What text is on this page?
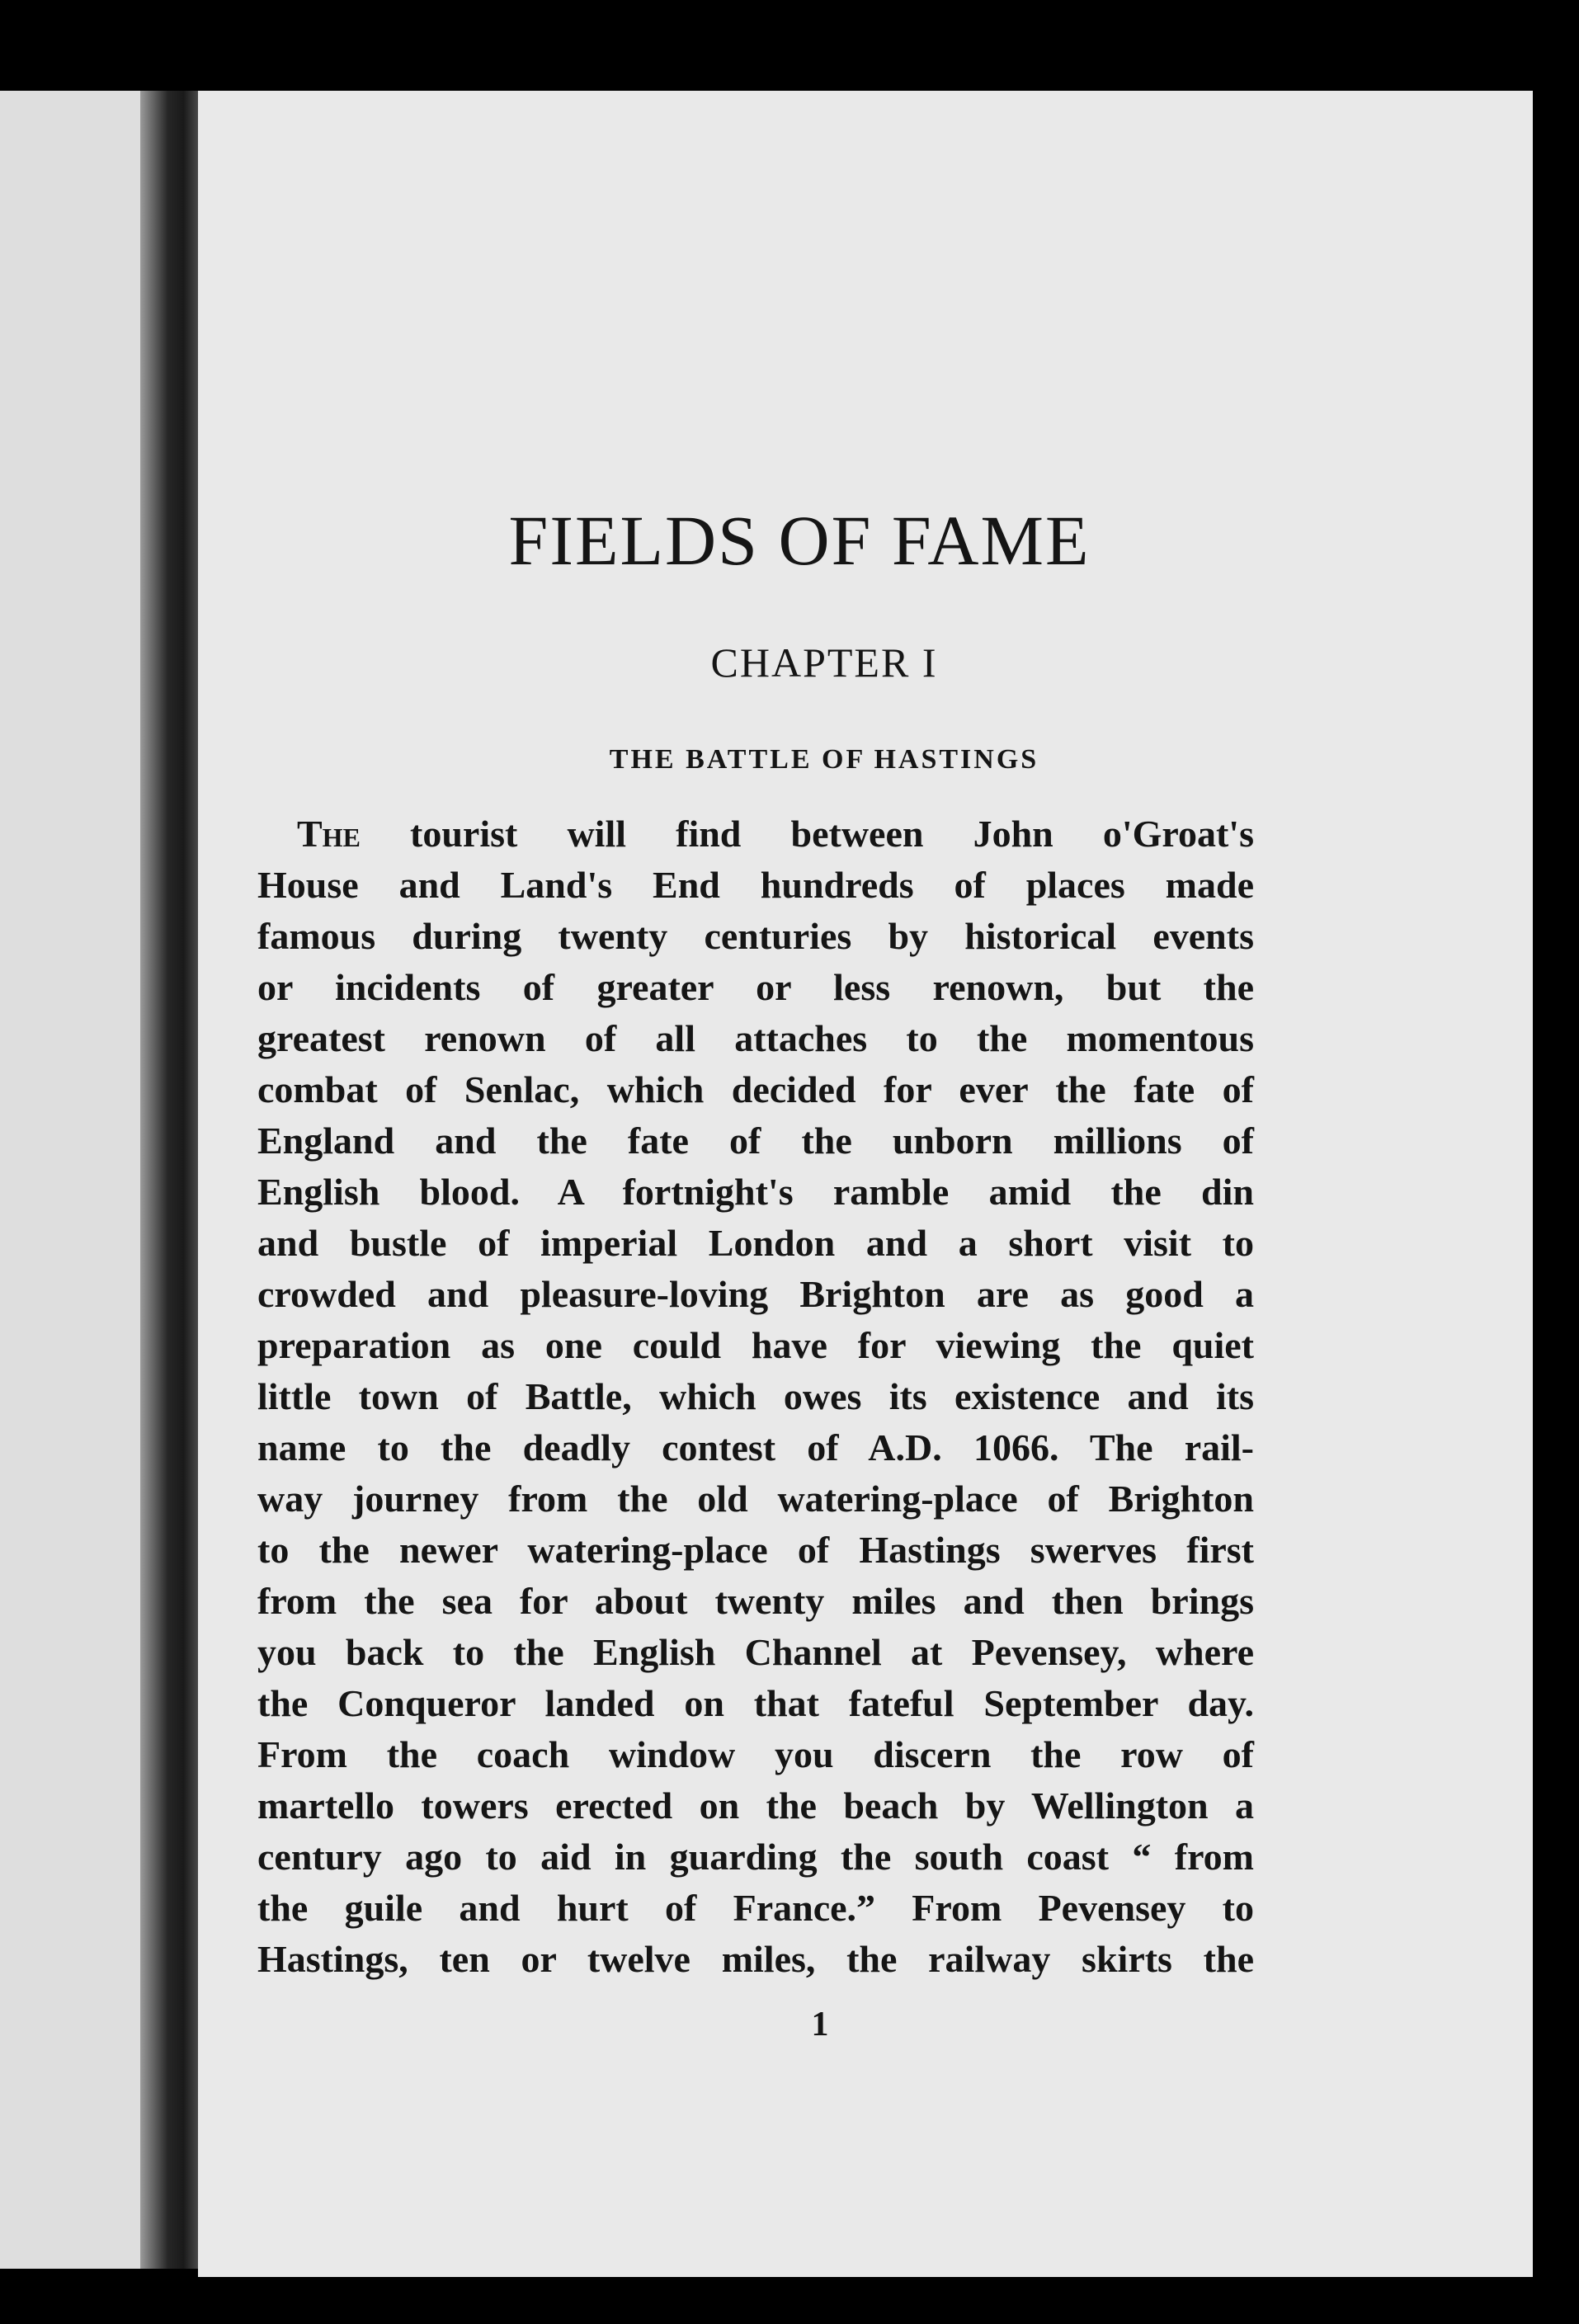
FIELDS OF FAME
CHAPTER I
THE BATTLE OF HASTINGS
The tourist will find between John o'Groat's
House and Land's End hundreds of places made
famous during twenty centuries by historical events
or incidents of greater or less renown, but the
greatest renown of all attaches to the momentous
combat of Senlac, which decided for ever the fate of
England and the fate of the unborn millions of
English blood. A fortnight's ramble amid the din
and bustle of imperial London and a short visit to
crowded and pleasure-loving Brighton are as good a
preparation as one could have for viewing the quiet
little town of Battle, which owes its existence and its
name to the deadly contest of A.D. 1066. The rail-
way journey from the old watering-place of Brighton
to the newer watering-place of Hastings swerves first
from the sea for about twenty miles and then brings
you back to the English Channel at Pevensey, where
the Conqueror landed on that fateful September day.
From the coach window you discern the row of
martello towers erected on the beach by Wellington a
century ago to aid in guarding the south coast “ from
the guile and hurt of France.” From Pevensey to
Hastings, ten or twelve miles, the railway skirts the
1
